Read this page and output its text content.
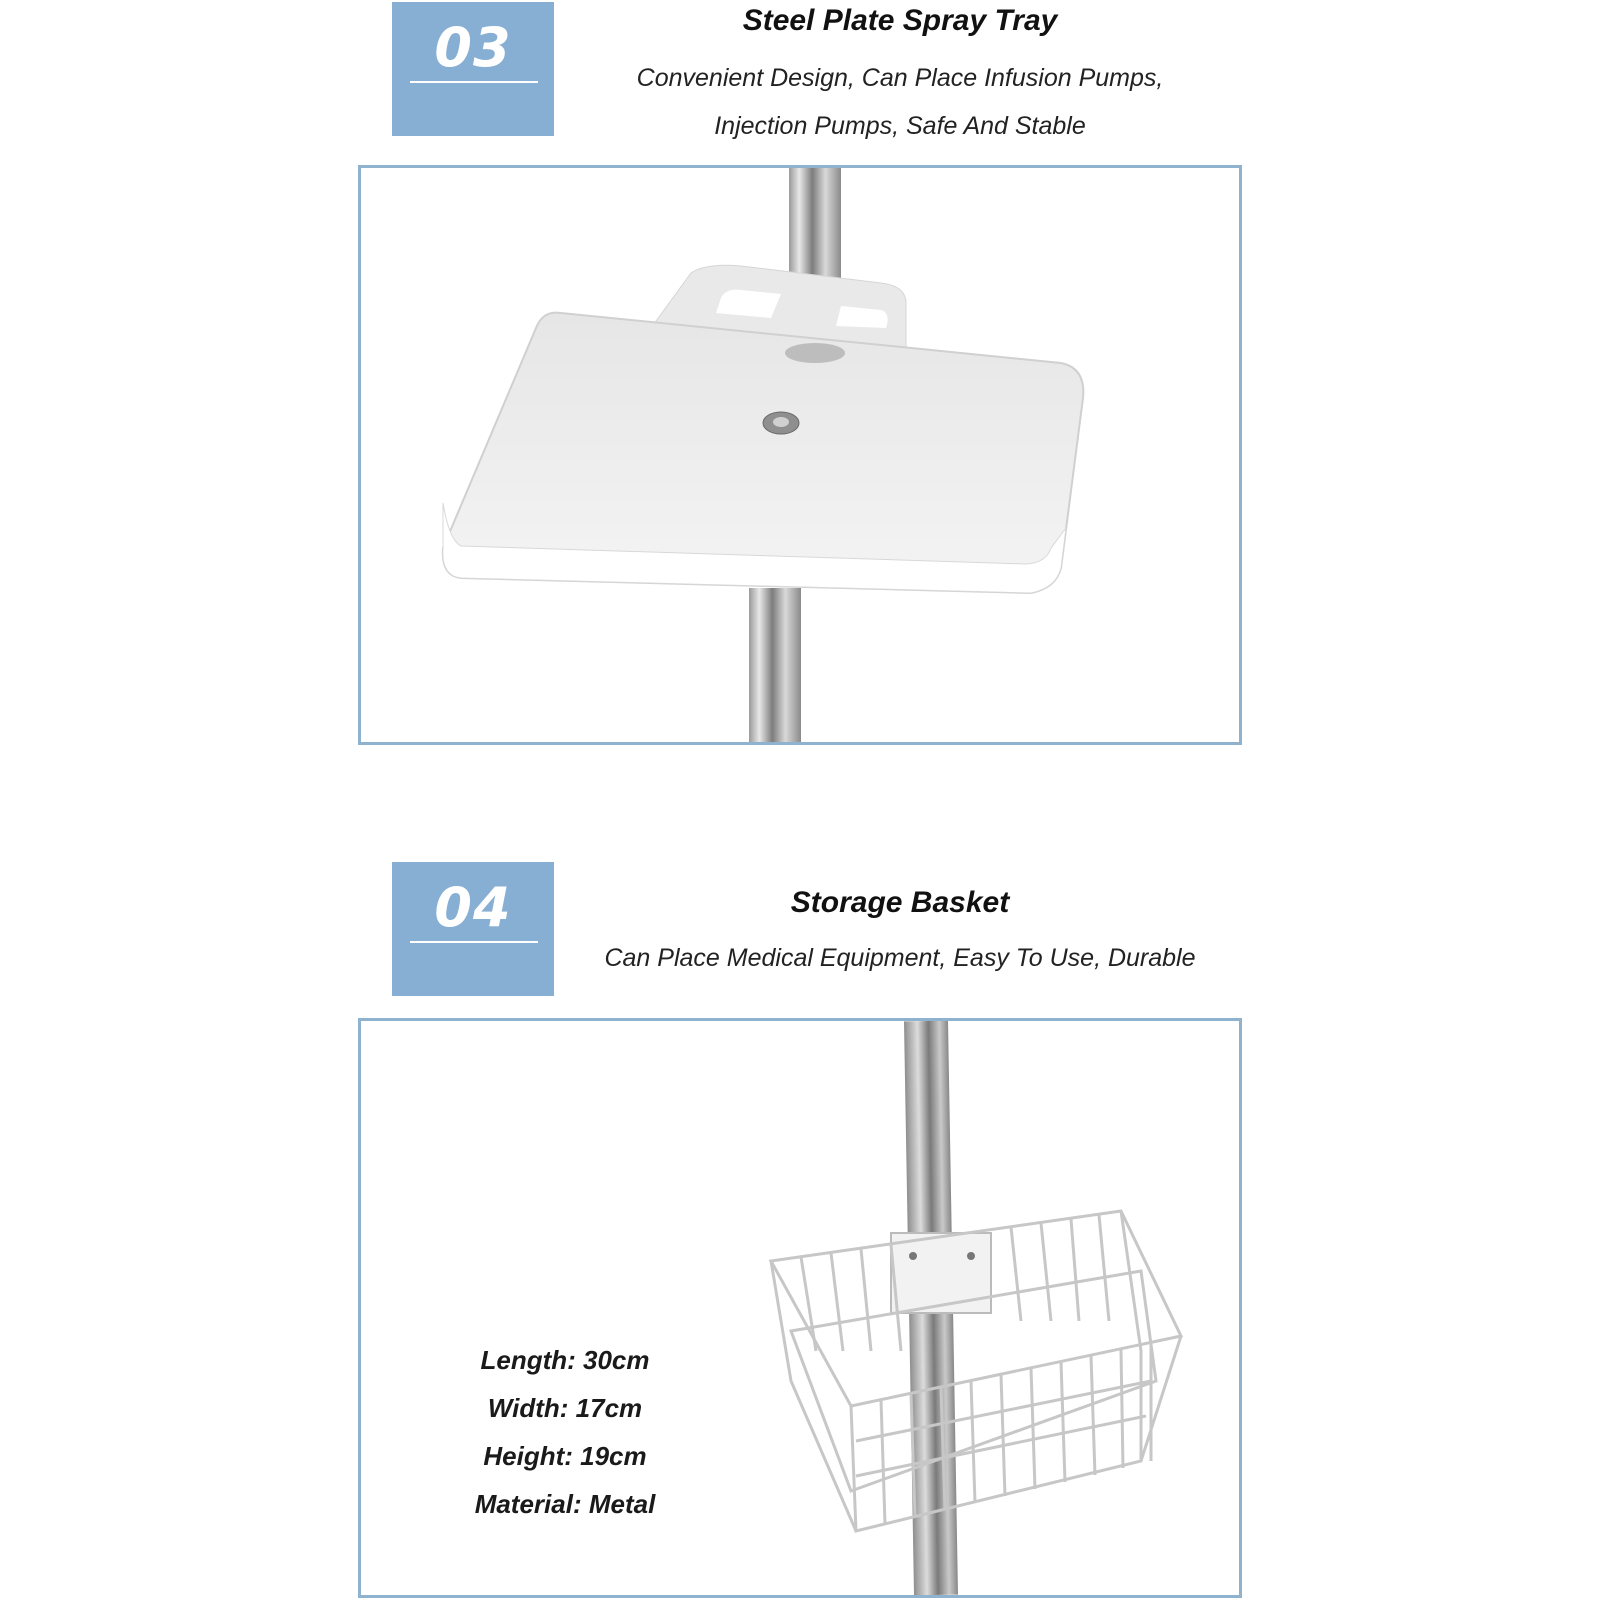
03	Steel Plate Spray Tray
Convenient Design, Can Place Infusion Pumps,
Injection Pumps, Safe And Stable
04	Storage Basket
Can Place Medical Equipment, Easy To Use, Durable
Length: 30cm
Width: 17cm
Height: 19cm
Material: Metal
